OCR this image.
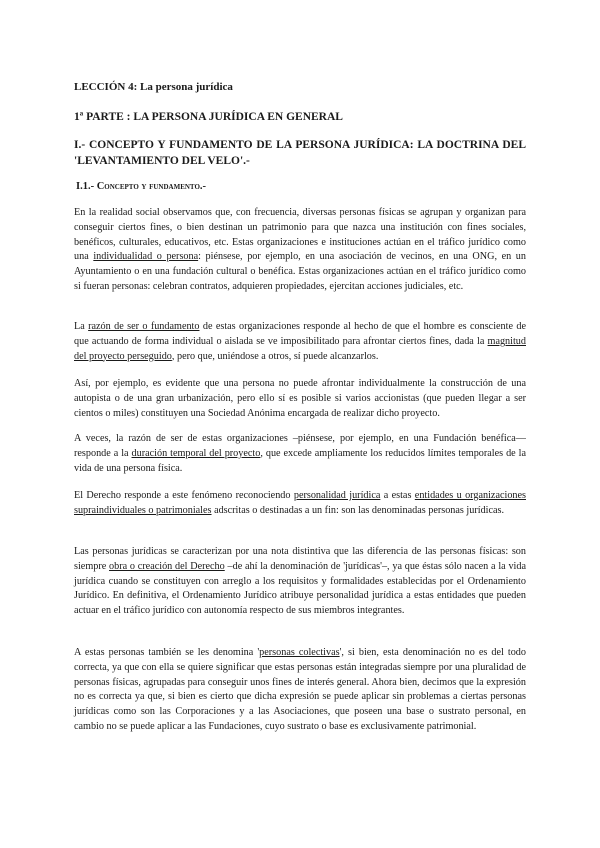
LECCIÓN 4: La persona jurídica
1ª PARTE : LA PERSONA JURÍDICA EN GENERAL
I.- CONCEPTO Y FUNDAMENTO DE LA PERSONA JURÍDICA: LA DOCTRINA DEL 'LEVANTAMIENTO DEL VELO'.-
I.1.- Concepto y fundamento.-

En la realidad social observamos que, con frecuencia, diversas personas físicas se agrupan y organizan para conseguir ciertos fines, o bien destinan un patrimonio para que nazca una institución con fines sociales, benéficos, culturales, educativos, etc. Estas organizaciones e instituciones actúan en el tráfico jurídico como una individualidad o persona: piénsese, por ejemplo, en una asociación de vecinos, en una ONG, en un Ayuntamiento o en una fundación cultural o benéfica. Estas organizaciones actúan en el tráfico jurídico como si fueran personas: celebran contratos, adquieren propiedades, ejercitan acciones judiciales, etc.

La razón de ser o fundamento de estas organizaciones responde al hecho de que el hombre es consciente de que actuando de forma individual o aislada se ve imposibilitado para afrontar ciertos fines, dada la magnitud del proyecto perseguido, pero que, uniéndose a otros, sí puede alcanzarlos.

Así, por ejemplo, es evidente que una persona no puede afrontar individualmente la construcción de una autopista o de una gran urbanización, pero ello sí es posible si varios accionistas (que pueden llegar a ser cientos o miles) constituyen una Sociedad Anónima encargada de realizar dicho proyecto.

A veces, la razón de ser de estas organizaciones –piénsese, por ejemplo, en una Fundación benéfica— responde a la duración temporal del proyecto, que excede ampliamente los reducidos límites temporales de la vida de una persona física.

El Derecho responde a este fenómeno reconociendo personalidad jurídica a estas entidades u organizaciones supraindividuales o patrimoniales adscritas o destinadas a un fin: son las denominadas personas jurídicas.

Las personas jurídicas se caracterizan por una nota distintiva que las diferencia de las personas físicas: son siempre obra o creación del Derecho –de ahí la denominación de 'jurídicas'–, ya que éstas sólo nacen a la vida jurídica cuando se constituyen con arreglo a los requisitos y formalidades establecidas por el Ordenamiento Jurídico. En definitiva, el Ordenamiento Jurídico atribuye personalidad jurídica a estas entidades que pueden actuar en el tráfico jurídico con autonomía respecto de sus miembros integrantes.

A estas personas también se les denomina 'personas colectivas', si bien, esta denominación no es del todo correcta, ya que con ella se quiere significar que estas personas están integradas siempre por una pluralidad de personas físicas, agrupadas para conseguir unos fines de interés general. Ahora bien, decimos que la expresión no es correcta ya que, si bien es cierto que dicha expresión se puede aplicar sin problemas a ciertas personas jurídicas como son las Corporaciones y a las Asociaciones, que poseen una base o sustrato personal, en cambio no se puede aplicar a las Fundaciones, cuyo sustrato o base es exclusivamente patrimonial.
